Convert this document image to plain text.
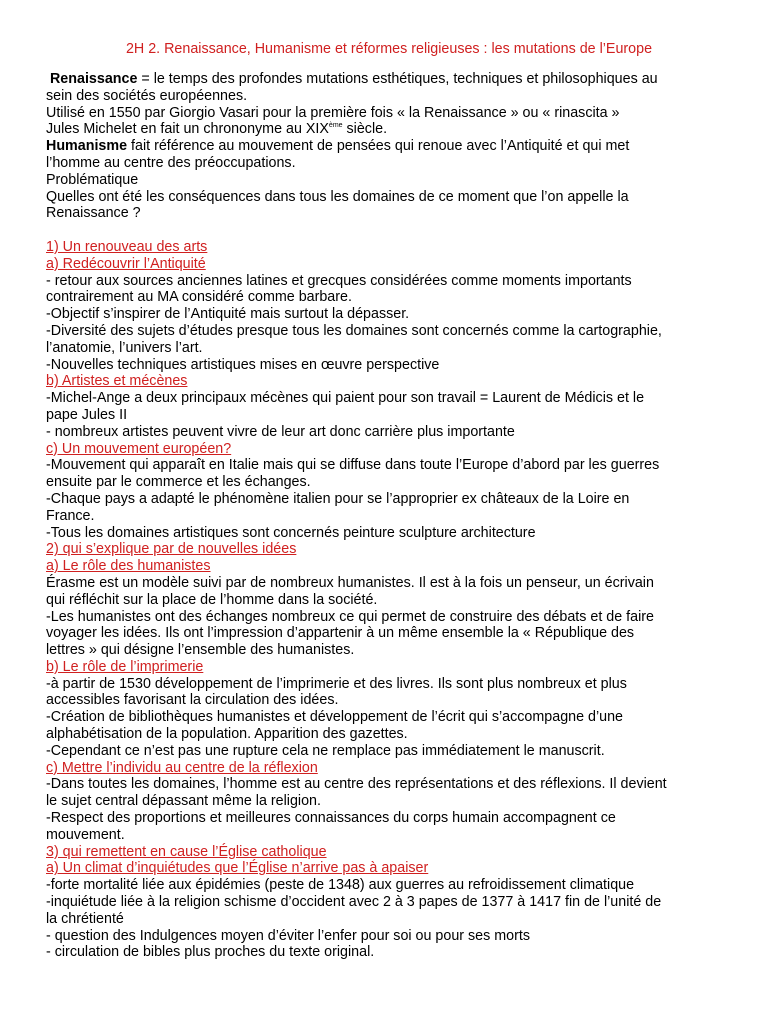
2H 2. Renaissance, Humanisme et réformes religieuses : les mutations de l’Europe

Renaissance = le temps des profondes mutations esthétiques, techniques et philosophiques au

sein des sociétés européennes.

Utilisé en 1550 par Giorgio Vasari pour la première fois « la Renaissance » ou « rinascita »

Jules Michelet en fait un chrononyme au XIXème siècle.

Humanisme fait référence au mouvement de pensées qui renoue avec l’Antiquité et qui met

l’homme au centre des préoccupations.

Problématique

Quelles ont été les conséquences dans tous les domaines de ce moment que l’on appelle la

Renaissance ?

1) Un renouveau des arts

a) Redécouvrir l’Antiquité

- retour aux sources anciennes latines et grecques considérées comme moments importants

contrairement au MA considéré comme barbare.

-Objectif s’inspirer de l’Antiquité mais surtout la dépasser.

-Diversité des sujets d’études presque tous les domaines sont concernés comme la cartographie,

l’anatomie, l’univers l’art.

-Nouvelles techniques artistiques mises en œuvre perspective

b) Artistes et mécènes

-Michel-Ange a deux principaux mécènes qui paient pour son travail = Laurent de Médicis et le

pape Jules II

- nombreux artistes peuvent vivre de leur art donc carrière plus importante

c) Un mouvement européen?

-Mouvement qui apparaît en Italie mais qui se diffuse dans toute l’Europe d’abord par les guerres

ensuite par le commerce et les échanges.

-Chaque pays a adapté le phénomène italien pour se l’approprier ex châteaux de la Loire en

France.

-Tous les domaines artistiques sont concernés peinture sculpture architecture

2) qui s’explique par de nouvelles idées

a) Le rôle des humanistes

Érasme est un modèle suivi par de nombreux humanistes. Il est à la fois un penseur, un écrivain

qui réfléchit sur la place de l’homme dans la société.

-Les humanistes ont des échanges nombreux ce qui permet de construire des débats et de faire

voyager les idées. Ils ont l’impression d’appartenir à un même ensemble la « République des

lettres » qui désigne l’ensemble des humanistes.

b) Le rôle de l’imprimerie

-à partir de 1530 développement de l’imprimerie et des livres. Ils sont plus nombreux et plus

accessibles favorisant la circulation des idées.

-Création de bibliothèques humanistes et développement de l’écrit qui s’accompagne d’une

alphabétisation de la population. Apparition des gazettes.

-Cependant ce n’est pas une rupture cela ne remplace pas immédiatement le manuscrit.

c) Mettre l’individu au centre de la réflexion

-Dans toutes les domaines, l’homme est au centre des représentations et des réflexions. Il devient

le sujet central dépassant même la religion.

-Respect des proportions et meilleures connaissances du corps humain accompagnent ce

mouvement.

3) qui remettent en cause l’Église catholique

a) Un climat d’inquiétudes que l’Église n’arrive pas à apaiser

-forte mortalité liée aux épidémies (peste de 1348) aux guerres au refroidissement climatique

-inquiétude liée à la religion schisme d’occident avec 2 à 3 papes de 1377 à 1417 fin de l’unité de

la chrétienté

- question des Indulgences moyen d’éviter l’enfer pour soi ou pour ses morts

- circulation de bibles plus proches du texte original.
